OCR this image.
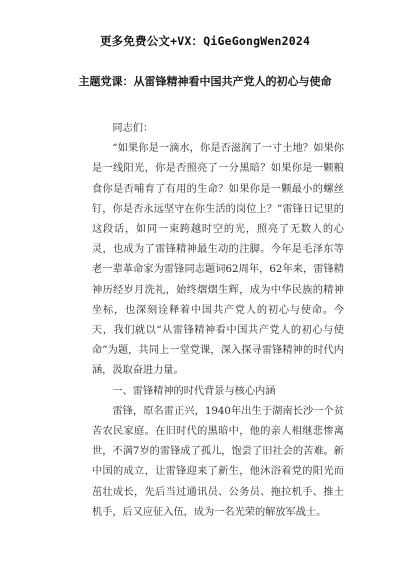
更多免费公文+VX：QiGeGongWen2024
主题党课：从雷锋精神看中国共产党人的初心与使命

同志们：

“如果你是一滴水，你是否滋润了一寸土地？如果你是一线阳光，你是否照亮了一分黑暗？如果你是一颗粮食你是否哺育了有用的生命？如果你是一颗最小的螺丝钉，你是否永远坚守在你生活的岗位上？”雷锋日记里的这段话，如同一束跨越时空的光，照亮了无数人的心灵，也成为了雷锋精神最生动的注脚。今年是毛泽东等老一辈革命家为雷锋同志题词62周年，62年来，雷锋精神历经岁月洗礼，始终熠熠生辉，成为中华民族的精神坐标，也深刻诠释着中国共产党人的初心与使命。今天，我们就以“从雷锋精神看中国共产党人的初心与使命”为题，共同上一堂党课，深入探寻雷锋精神的时代内涵，汲取奋进力量。

一、雷锋精神的时代背景与核心内涵

雷锋，原名雷正兴，1940年出生于湖南长沙一个贫苦农民家庭。在旧时代的黑暗中，他的亲人相继悲惨离世，不满7岁的雷锋成了孤儿，饱尝了旧社会的苦难。新中国的成立，让雷锋迎来了新生，他沐浴着党的阳光而茁壮成长，先后当过通讯员、公务员、拖拉机手、推土机手，后又应征入伍，成为一名光荣的解放军战士。
